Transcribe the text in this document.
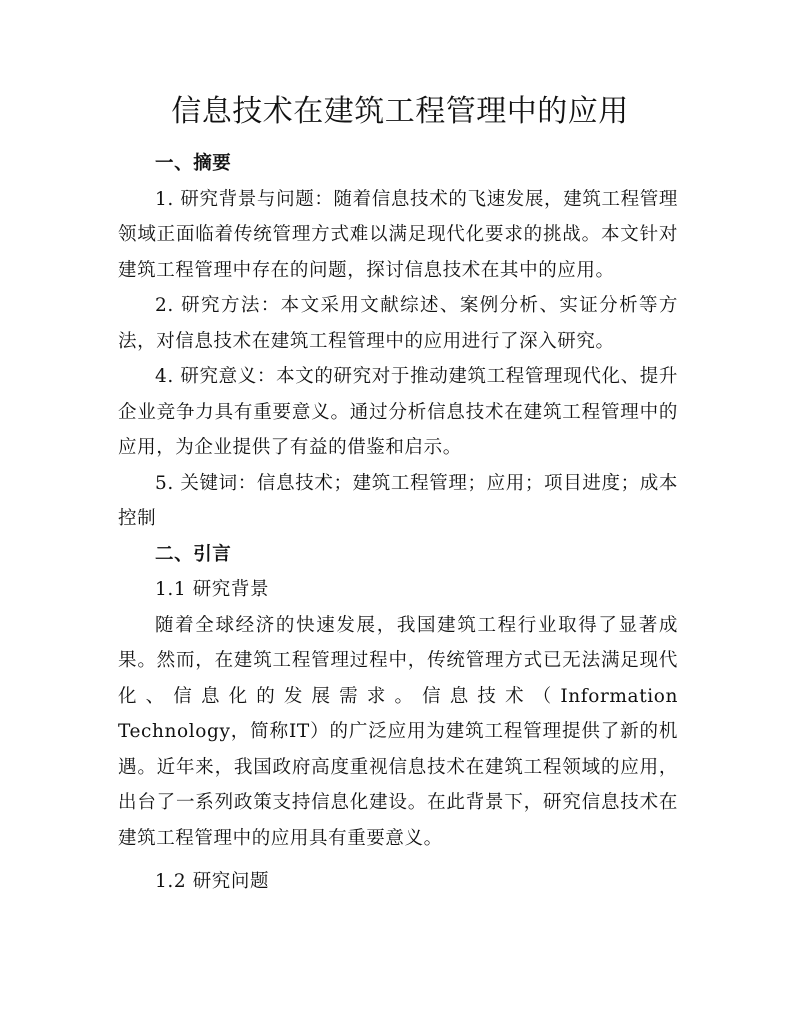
信息技术在建筑工程管理中的应用

一、摘要

1. 研究背景与问题：随着信息技术的飞速发展，建筑工程管理领域正面临着传统管理方式难以满足现代化要求的挑战。本文针对建筑工程管理中存在的问题，探讨信息技术在其中的应用。

2. 研究方法：本文采用文献综述、案例分析、实证分析等方法，对信息技术在建筑工程管理中的应用进行了深入研究。

4. 研究意义：本文的研究对于推动建筑工程管理现代化、提升企业竞争力具有重要意义。通过分析信息技术在建筑工程管理中的应用，为企业提供了有益的借鉴和启示。

5. 关键词：信息技术；建筑工程管理；应用；项目进度；成本控制

二、引言

1.1 研究背景

随着全球经济的快速发展，我国建筑工程行业取得了显著成果。然而，在建筑工程管理过程中，传统管理方式已无法满足现代化、信息化的发展需求。信息技术（Information Technology，简称IT）的广泛应用为建筑工程管理提供了新的机遇。近年来，我国政府高度重视信息技术在建筑工程领域的应用，出台了一系列政策支持信息化建设。在此背景下，研究信息技术在建筑工程管理中的应用具有重要意义。

1.2 研究问题
